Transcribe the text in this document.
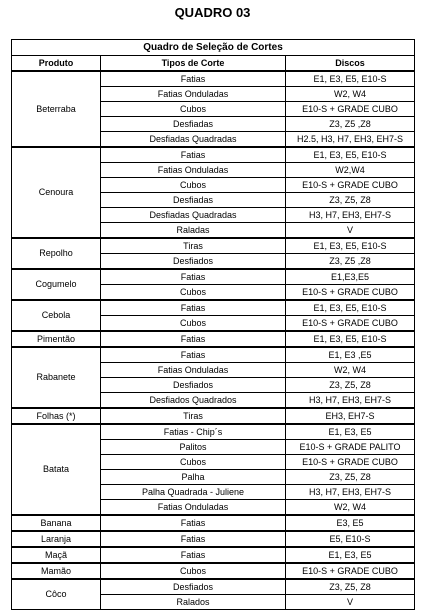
QUADRO 03
Quadro de Seleção de Cortes		
Produto	Tipos de Corte	Discos
Beterraba	Fatias	E1, E3, E5, E10-S
	Fatias Onduladas	W2, W4
	Cubos	E10-S + GRADE CUBO
	Desfiadas	Z3, Z5 ,Z8
	Desfiadas Quadradas	H2.5, H3, H7, EH3, EH7-S
Cenoura	Fatias	E1, E3, E5, E10-S
	Fatias Onduladas	W2,W4
	Cubos	E10-S + GRADE CUBO
	Desfiadas	Z3, Z5, Z8
	Desfiadas Quadradas	H3, H7, EH3, EH7-S
	Raladas	V
Repolho	Tiras	E1, E3, E5, E10-S
	Desfiados	Z3, Z5 ,Z8
Cogumelo	Fatias	E1,E3,E5
	Cubos	E10-S + GRADE CUBO
Cebola	Fatias	E1, E3, E5, E10-S
	Cubos	E10-S + GRADE CUBO
Pimentão	Fatias	E1, E3, E5, E10-S
Rabanete	Fatias	E1, E3 ,E5
	Fatias Onduladas	W2, W4
	Desfiados	Z3, Z5, Z8
	Desfiados Quadrados	H3, H7, EH3, EH7-S
Folhas (*)	Tiras	EH3, EH7-S
Batata	Fatias - Chip´s	E1, E3, E5
	Palitos	E10-S + GRADE PALITO
	Cubos	E10-S + GRADE CUBO
	Palha	Z3, Z5, Z8
	Palha Quadrada - Juliene	H3, H7, EH3, EH7-S
	Fatias Onduladas	W2, W4
Banana	Fatias	E3, E5
Laranja	Fatias	E5, E10-S
Maçã	Fatias	E1, E3, E5
Mamão	Cubos	E10-S + GRADE CUBO
Côco	Desfiados	Z3, Z5, Z8
	Ralados	V
